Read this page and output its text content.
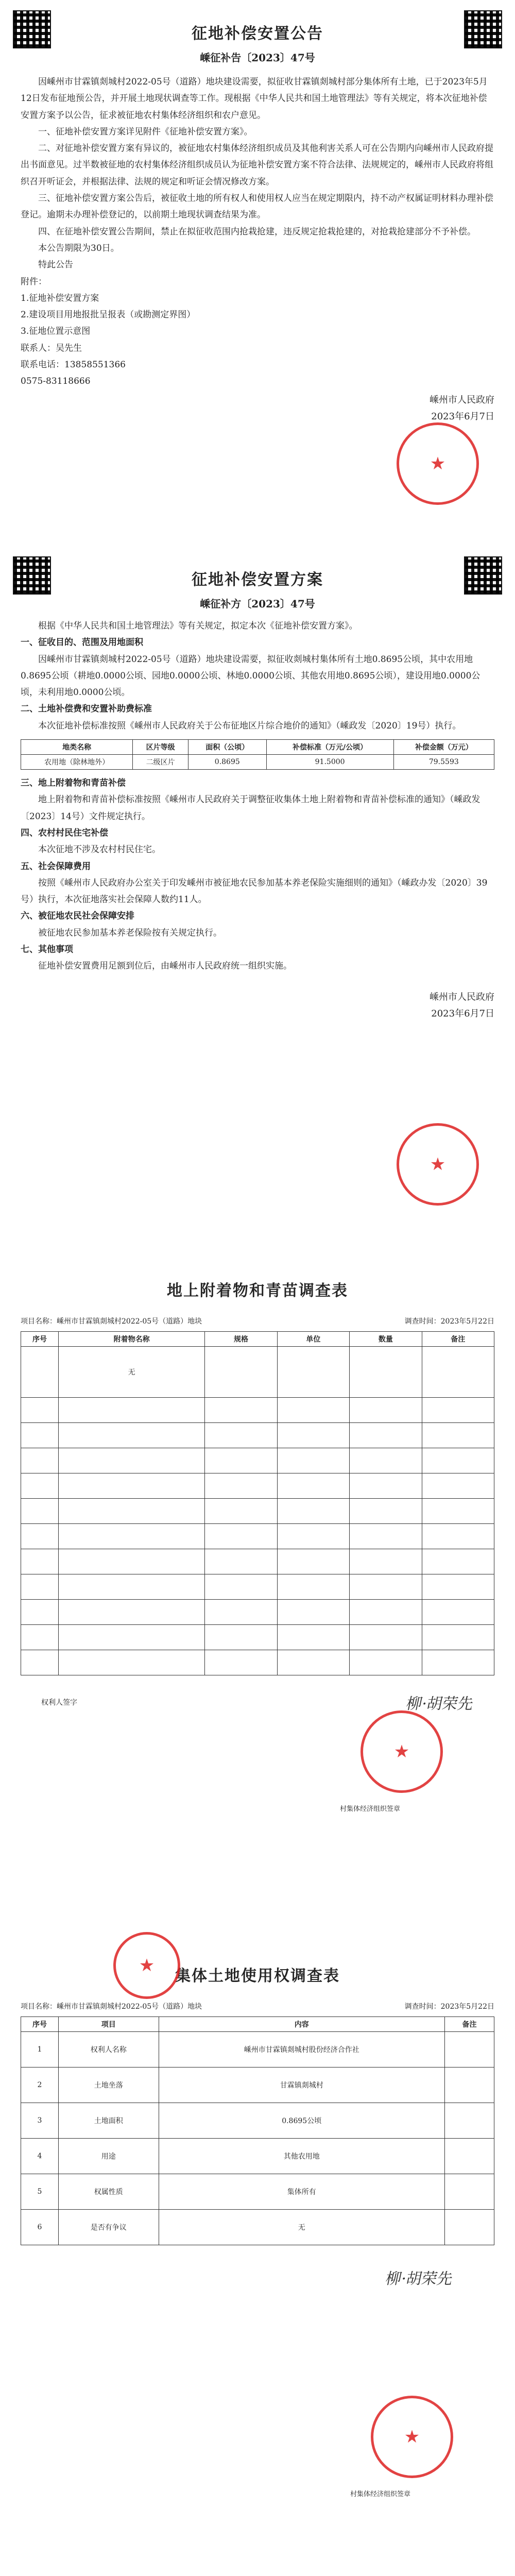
征地补偿安置公告
嵊征补告〔2023〕47号

因嵊州市甘霖镇剡城村2022-05号（道路）地块建设需要，拟征收甘霖镇剡城村部分集体所有土地，已于2023年5月12日发布征地预公告，并开展土地现状调查等工作。现根据《中华人民共和国土地管理法》等有关规定，将本次征地补偿安置方案予以公告，征求被征地农村集体经济组织和农户意见。

一、征地补偿安置方案详见附件《征地补偿安置方案》。

二、对征地补偿安置方案有异议的，被征地农村集体经济组织成员及其他利害关系人可在公告期内向嵊州市人民政府提出书面意见。过半数被征地的农村集体经济组织成员认为征地补偿安置方案不符合法律、法规规定的，嵊州市人民政府将组织召开听证会，并根据法律、法规的规定和听证会情况修改方案。

三、征地补偿安置方案公告后，被征收土地的所有权人和使用权人应当在规定期限内，持不动产权属证明材料办理补偿登记。逾期未办理补偿登记的，以前期土地现状调查结果为准。

四、在征地补偿安置公告期间，禁止在拟征收范围内抢栽抢建，违反规定抢栽抢建的，对抢栽抢建部分不予补偿。

本公告期限为30日。

特此公告

附件：
1.征地补偿安置方案
2.建设项目用地报批呈报表（或勘测定界图）
3.征地位置示意图
联系人：吴先生
联系电话：13858551366
0575-83118666
★
嵊州市人民政府
2023年6月7日
征地补偿安置方案
嵊征补方〔2023〕47号

根据《中华人民共和国土地管理法》等有关规定，拟定本次《征地补偿安置方案》。

一、征收目的、范围及用地面积

因嵊州市甘霖镇剡城村2022-05号（道路）地块建设需要，拟征收剡城村集体所有土地0.8695公顷，其中农用地0.8695公顷（耕地0.0000公顷、园地0.0000公顷、林地0.0000公顷、其他农用地0.8695公顷），建设用地0.0000公顷，未利用地0.0000公顷。

二、土地补偿费和安置补助费标准

本次征地补偿标准按照《嵊州市人民政府关于公布征地区片综合地价的通知》（嵊政发〔2020〕19号）执行。

地类名称	区片等级	面积（公顷）	补偿标准（万元/公顷）	补偿金额（万元）
农用地（除林地外）	二级区片	0.8695	91.5000	79.5593

三、地上附着物和青苗补偿

地上附着物和青苗补偿标准按照《嵊州市人民政府关于调整征收集体土地上附着物和青苗补偿标准的通知》（嵊政发〔2023〕14号）文件规定执行。

四、农村村民住宅补偿

本次征地不涉及农村村民住宅。

五、社会保障费用

按照《嵊州市人民政府办公室关于印发嵊州市被征地农民参加基本养老保险实施细则的通知》（嵊政办发〔2020〕39号）执行，本次征地落实社会保障人数约11人。

六、被征地农民社会保障安排

被征地农民参加基本养老保险按有关规定执行。

七、其他事项

征地补偿安置费用足额到位后，由嵊州市人民政府统一组织实施。

★
嵊州市人民政府
2023年6月7日
地上附着物和青苗调查表
项目名称：嵊州市甘霖镇剡城村2022-05号（道路）地块	调查时间：2023年5月22日
序号	附着物名称	规格	单位	数量	备注
	无				

权利人签字	柳·胡荣先
★
村集体经济组织签章
★
集体土地使用权调查表
项目名称：嵊州市甘霖镇剡城村2022-05号（道路）地块	调查时间：2023年5月22日
序号	项目	内容	备注
1	权利人名称	嵊州市甘霖镇剡城村股份经济合作社	
2	土地坐落	甘霖镇剡城村	
3	土地面积	0.8695公顷	
4	用途	其他农用地	
5	权属性质	集体所有	
6	是否有争议	无	
柳·胡荣先
★
村集体经济组织签章
